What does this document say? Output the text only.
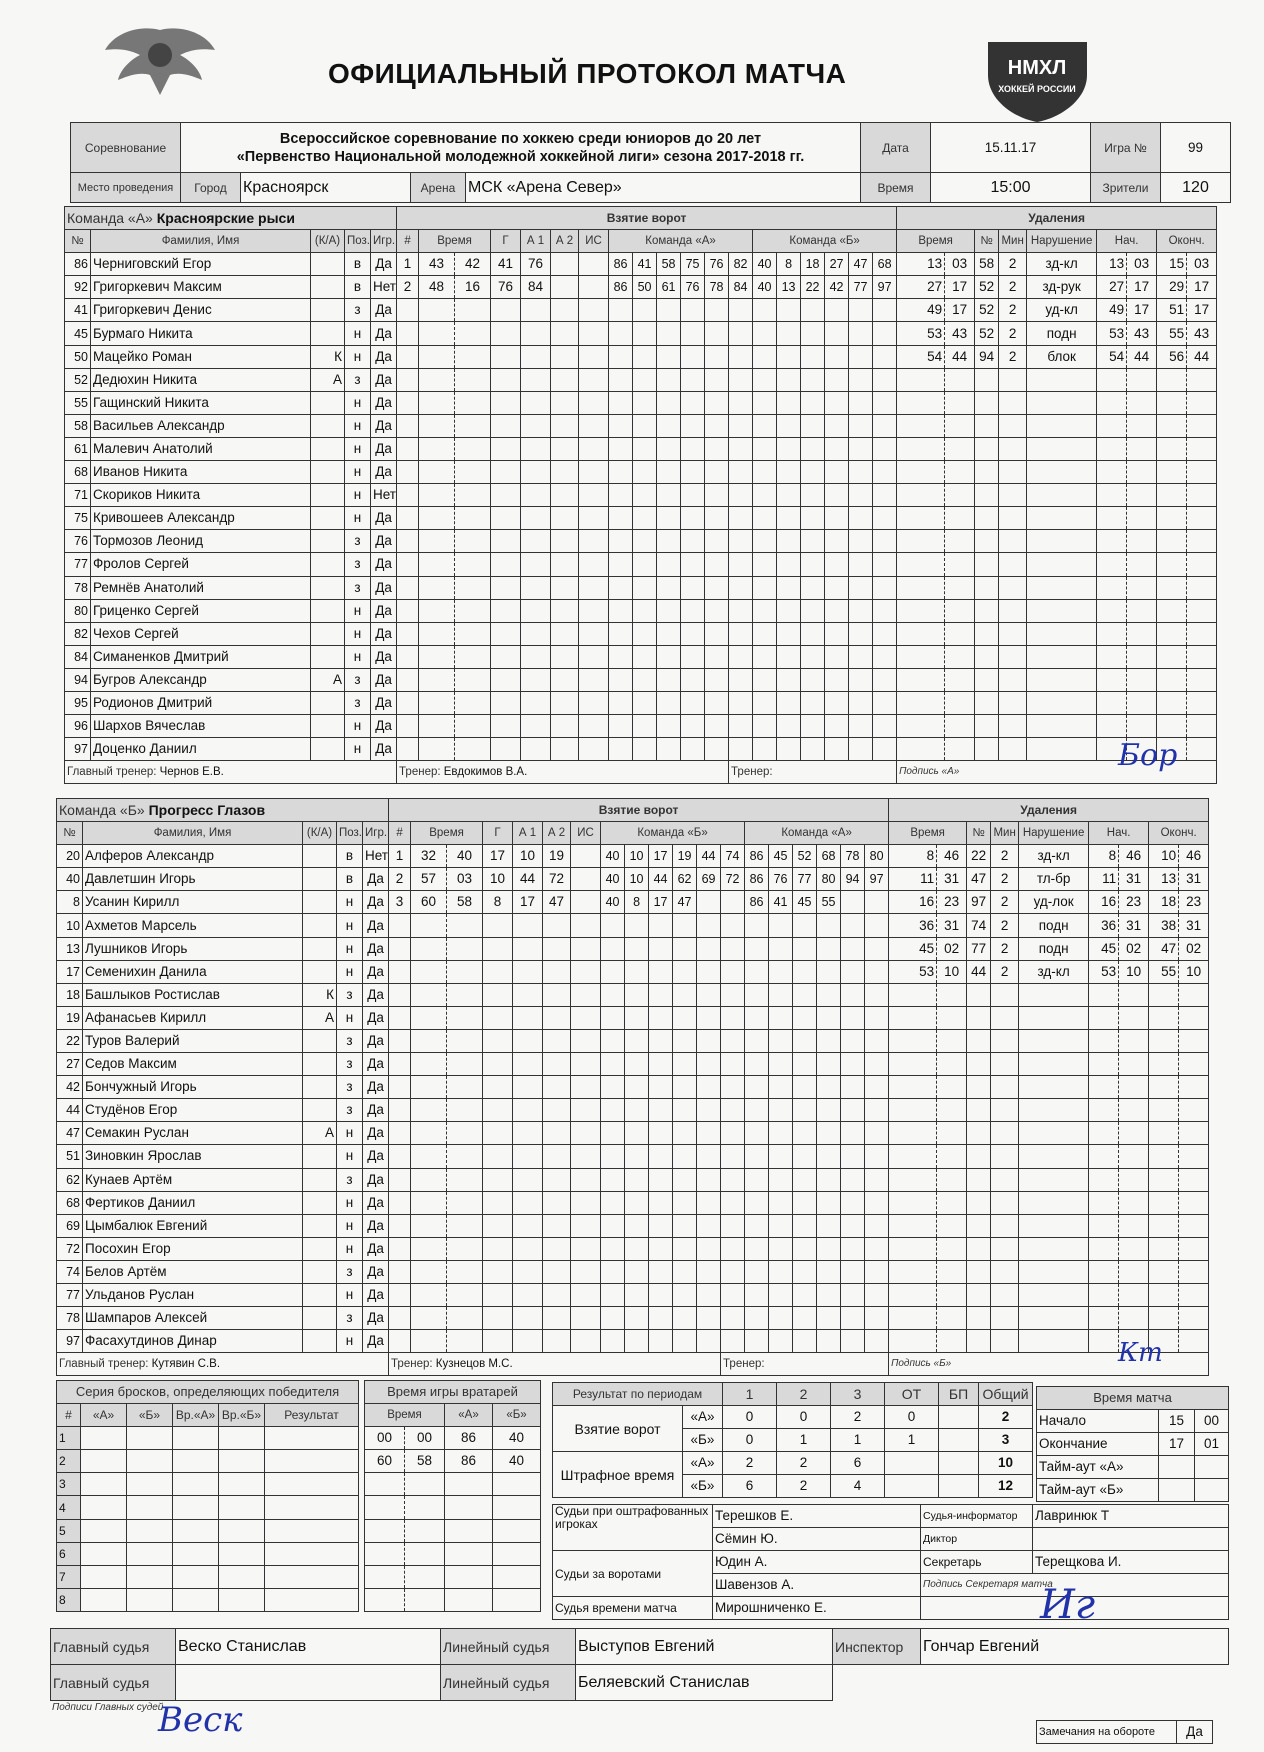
ОФИЦИАЛЬНЫЙ ПРОТОКОЛ МАТЧА	НМХЛ
ХОККЕЙ РОССИИ
Соревнование	Всероссийское соревнование по хоккею среди юниоров до 20 лет
«Первенство Национальной молодежной хоккейной лиги» сезона 2017-2018 гг.				Дата	15.11.17	Игра №	99
Место проведения	Город	Красноярск	Арена	МСК «Арена Север»	Время	15:00	Зрители	120
Команда «А» Красноярские рыси					Взятие ворот																			Удаления								
№	Фамилия, Имя	(К/А)	Поз.	Игр.	#	Время		Г	А 1	А 2	ИС	Команда «А»						Команда «Б»						Время		№	Мин	Нарушение	Нач.		Оконч.	
86	Черниговский Егор		в	Да	1	43	42	41	76			86	41	58	75	76	82	40	8	18	27	47	68	13	03	58	2	зд-кл	13	03	15	03
92	Григоркевич Максим		в	Нет	2	48	16	76	84			86	50	61	76	78	84	40	13	22	42	77	97	27	17	52	2	зд-рук	27	17	29	17
41	Григоркевич Денис		з	Да																				49	17	52	2	уд-кл	49	17	51	17
45	Бурмаго Никита		н	Да																				53	43	52	2	подн	53	43	55	43
50	Мацейко Роман	К	н	Да																				54	44	94	2	блок	54	44	56	44
52	Дедюхин Никита	А	з	Да																												
55	Гащинский Никита		н	Да																												
58	Васильев Александр		н	Да																												
61	Малевич Анатолий		н	Да																												
68	Иванов Никита		н	Да																												
71	Скориков Никита		н	Нет																												
75	Кривошеев Александр		н	Да																												
76	Тормозов Леонид		з	Да																												
77	Фролов Сергей		з	Да																												
78	Ремнёв Анатолий		з	Да																												
80	Гриценко Сергей		н	Да																												
82	Чехов Сергей		н	Да																												
84	Симаненков Дмитрий		н	Да																												
94	Бугров Александр	А	з	Да																												
95	Родионов Дмитрий		з	Да																												
96	Шархов Вячеслав		н	Да																												
97	Доценко Даниил		н	Да																												
Главный тренер: Чернов Е.В.					Тренер: Евдокимов В.А.												Тренер:							Подпись «А»								
Команда «Б» Прогресс Глазов					Взятие ворот																			Удаления								
№	Фамилия, Имя	(К/А)	Поз.	Игр.	#	Время		Г	А 1	А 2	ИС	Команда «Б»						Команда «А»						Время		№	Мин	Нарушение	Нач.		Оконч.	
20	Алферов Александр		в	Нет	1	32	40	17	10	19		40	10	17	19	44	74	86	45	52	68	78	80	8	46	22	2	зд-кл	8	46	10	46
40	Давлетшин Игорь		в	Да	2	57	03	10	44	72		40	10	44	62	69	72	86	76	77	80	94	97	11	31	47	2	тл-бр	11	31	13	31
8	Усанин Кирилл		н	Да	3	60	58	8	17	47		40	8	17	47			86	41	45	55			16	23	97	2	уд-лок	16	23	18	23
10	Ахметов Марсель		н	Да																				36	31	74	2	подн	36	31	38	31
13	Лушников Игорь		н	Да																				45	02	77	2	подн	45	02	47	02
17	Семенихин Данила		н	Да																				53	10	44	2	зд-кл	53	10	55	10
18	Башлыков Ростислав	К	з	Да																												
19	Афанасьев Кирилл	А	н	Да																												
22	Туров Валерий		з	Да																												
27	Седов Максим		з	Да																												
42	Бончужный Игорь		з	Да																												
44	Студёнов Егор		з	Да																												
47	Семакин Руслан	А	н	Да																												
51	Зиновкин Ярослав		н	Да																												
62	Кунаев Артём		з	Да																												
68	Фертиков Даниил		н	Да																												
69	Цымбалюк Евгений		н	Да																												
72	Посохин Егор		н	Да																												
74	Белов Артём		з	Да																												
77	Ульданов Руслан		н	Да																												
78	Шампаров Алексей		з	Да																												
97	Фасахутдинов Динар		н	Да																												
Главный тренер: Кутявин С.В.					Тренер: Кузнецов М.С.												Тренер:							Подпись «Б»								
Серия бросков, определяющих победителя					
#	«А»	«Б»	Вр.«А»	Вр.«Б»	Результат
1					
2					
3					
4					
5					
6					
7					
8					
Время игры вратарей			
Время		«А»	«Б»
00	00	86	40
60	58	86	40

Результат по периодам		1	2	3	ОТ	БП	Общий
Взятие ворот	«А»	0	0	2	0		2
	«Б»	0	1	1	1		3
Штрафное время	«А»	2	2	6			10
	«Б»	6	2	4			12
Время матча		
Начало	15	00
Окончание	17	01
Тайм-аут «А»		
Тайм-аут «Б»		
Судьи при оштрафованных игроках	Терешков Е.	Судья-информатор	Лавринюк Т
	Сёмин Ю.	Диктор	
Судьи за воротами	Юдин А.	Секретарь	Терещкова И.
	Шавензов А.	Подпись Секретаря матча	
Судья времени матча	Мирошниченко Е.		
Главный судья	Веско Станислав	Линейный судья	Выступов Евгений	Инспектор	Гончар Евгений
Главный судья		Линейный судья	Беляевский Станислав		
Подписи Главных судей
Веск	Замечания на обороте	Да
Бор
Кт
Иг
